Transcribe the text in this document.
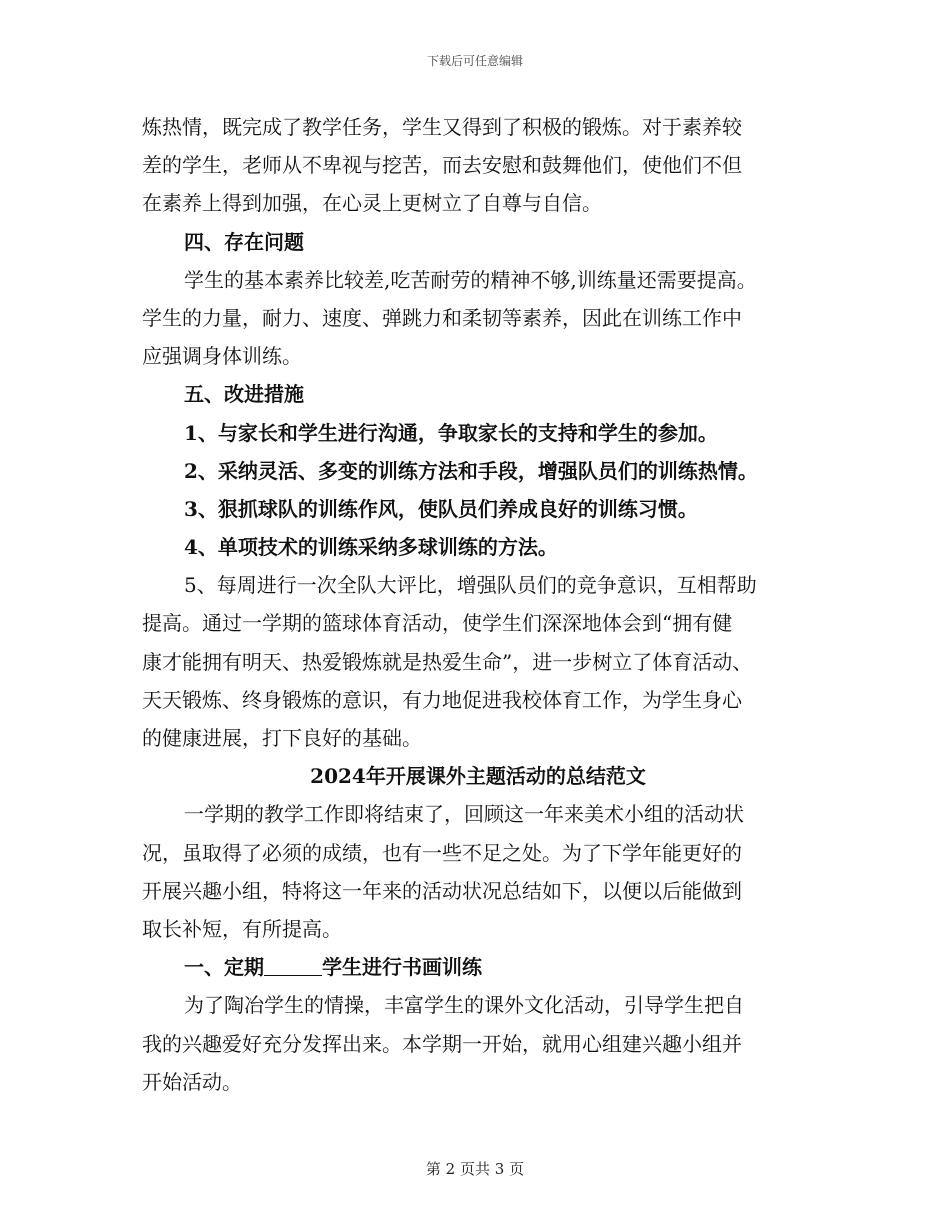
下载后可任意编辑
炼热情，既完成了教学任务，学生又得到了积极的锻炼。对于素养较
差的学生，老师从不卑视与挖苦，而去安慰和鼓舞他们，使他们不但
在素养上得到加强，在心灵上更树立了自尊与自信。
四、存在问题
学生的基本素养比较差,吃苦耐劳的精神不够,训练量还需要提高。
学生的力量，耐力、速度、弹跳力和柔韧等素养，因此在训练工作中
应强调身体训练。
五、改进措施
1、与家长和学生进行沟通，争取家长的支持和学生的参加。
2、采纳灵活、多变的训练方法和手段，增强队员们的训练热情。
3、狠抓球队的训练作风，使队员们养成良好的训练习惯。
4、单项技术的训练采纳多球训练的方法。
5、每周进行一次全队大评比，增强队员们的竞争意识，互相帮助
提高。通过一学期的篮球体育活动，使学生们深深地体会到“拥有健
康才能拥有明天、热爱锻炼就是热爱生命”，进一步树立了体育活动、
天天锻炼、终身锻炼的意识，有力地促进我校体育工作，为学生身心
的健康进展，打下良好的基础。
2024年开展课外主题活动的总结范文
一学期的教学工作即将结束了，回顾这一年来美术小组的活动状
况，虽取得了必须的成绩，也有一些不足之处。为了下学年能更好的
开展兴趣小组，特将这一年来的活动状况总结如下，以便以后能做到
取长补短，有所提高。
一、定期	学生进行书画训练
为了陶冶学生的情操，丰富学生的课外文化活动，引导学生把自
我的兴趣爱好充分发挥出来。本学期一开始，就用心组建兴趣小组并
开始活动。
第 2 页共 3 页
